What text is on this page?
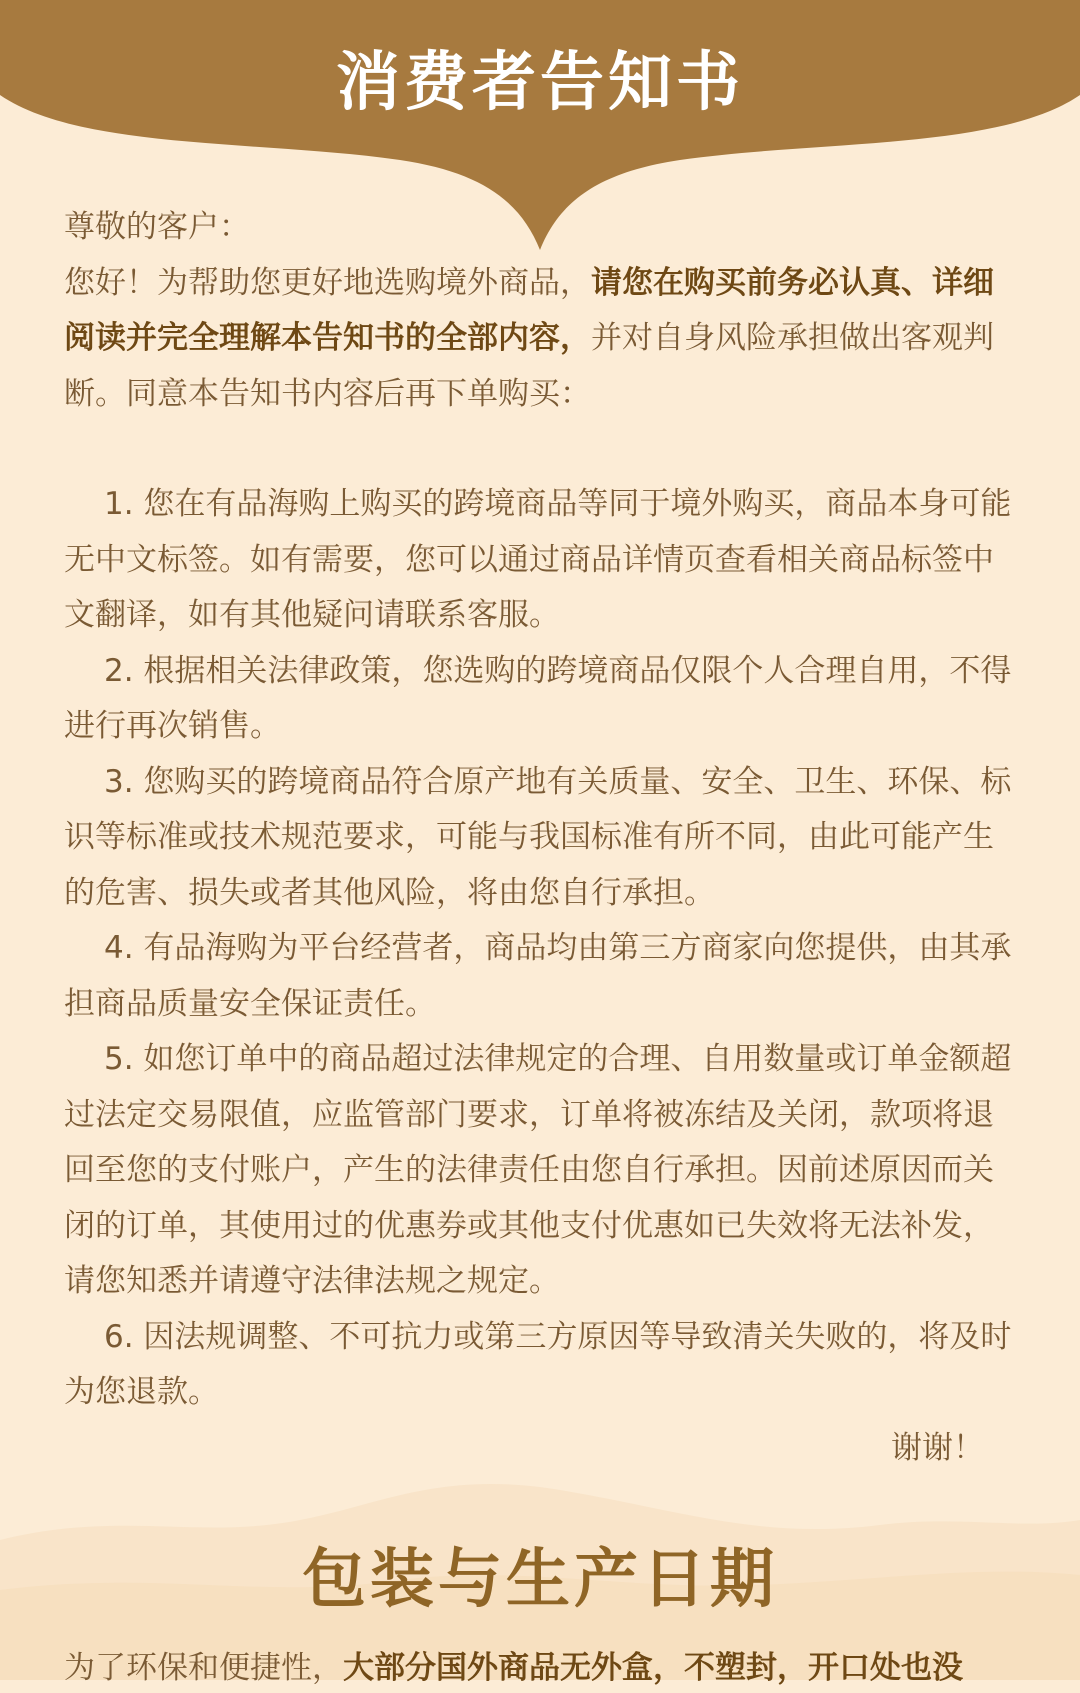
消费者告知书

尊敬的客户：

您好！为帮助您更好地选购境外商品，请您在购买前务必认真、详细阅读并完全理解本告知书的全部内容，并对自身风险承担做出客观判断。同意本告知书内容后再下单购买：

1. 您在有品海购上购买的跨境商品等同于境外购买，商品本身可能无中文标签。如有需要，您可以通过商品详情页查看相关商品标签中文翻译，如有其他疑问请联系客服。

2. 根据相关法律政策，您选购的跨境商品仅限个人合理自用，不得进行再次销售。

3. 您购买的跨境商品符合原产地有关质量、安全、卫生、环保、标识等标准或技术规范要求，可能与我国标准有所不同，由此可能产生的危害、损失或者其他风险，将由您自行承担。

4. 有品海购为平台经营者，商品均由第三方商家向您提供，由其承担商品质量安全保证责任。

5. 如您订单中的商品超过法律规定的合理、自用数量或订单金额超过法定交易限值，应监管部门要求，订单将被冻结及关闭，款项将退回至您的支付账户，产生的法律责任由您自行承担。因前述原因而关闭的订单，其使用过的优惠券或其他支付优惠如已失效将无法补发，请您知悉并请遵守法律法规之规定。

6. 因法规调整、不可抗力或第三方原因等导致清关失败的，将及时为您退款。

谢谢！

包装与生产日期
为了环保和便捷性，大部分国外商品无外盒，不塑封，开口处也没
